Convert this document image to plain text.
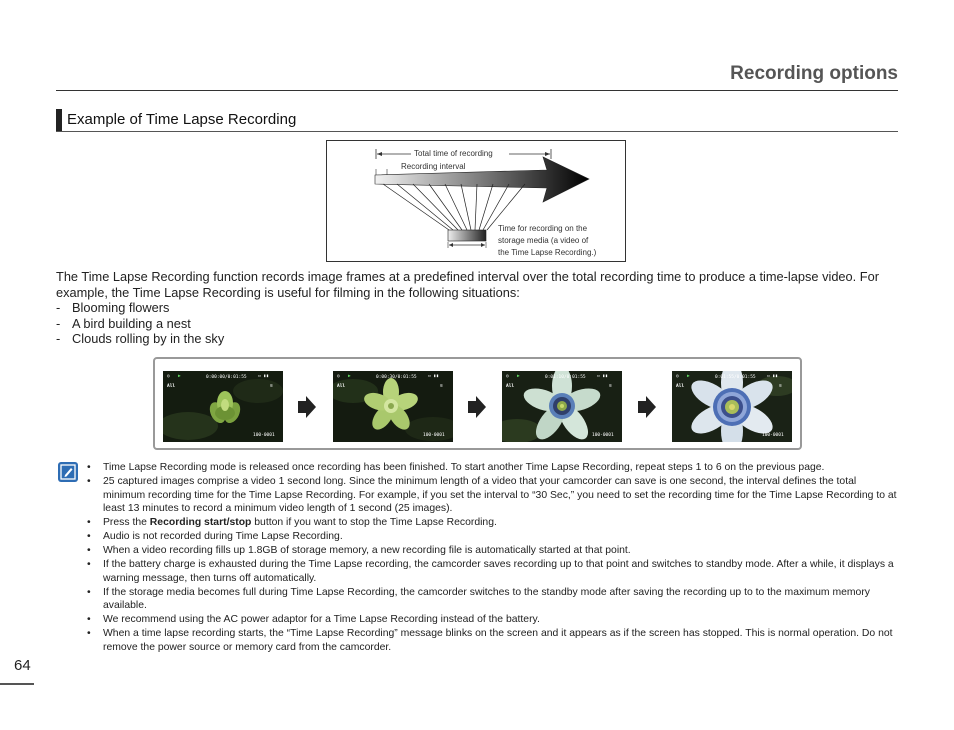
Recording options
Example of Time Lapse Recording
Total time of recording
Recording interval
Time for recording on the
storage media (a video of
the Time Lapse Recording.)
The Time Lapse Recording function records image frames at a predefined interval over the total recording time to produce a time-lapse video. For example, the Time Lapse Recording is useful for filming in the following situations:
- Blooming flowers
- A bird building a nest
- Clouds rolling by in the sky
◎ ▶	0:00:00/0:01:55	▭ ▮▮
All	≋
100-0001
◎ ▶	0:00:30/0:01:55	▭ ▮▮
All	≋
100-0001
◎ ▶	0:01:10/0:01:55	▭ ▮▮
All	≋
100-0001
◎ ▶	0:01:55/0:01:55	▭ ▮▮
All	≋
100-0001
• Time Lapse Recording mode is released once recording has been finished. To start another Time Lapse Recording, repeat steps 1 to 6 on the previous page.
• 25 captured images comprise a video 1 second long. Since the minimum length of a video that your camcorder can save is one second, the interval defines the total minimum recording time for the Time Lapse Recording. For example, if you set the interval to “30 Sec,” you need to set the recording time for the Time Lapse Recording to at least 13 minutes to record a minimum video length of 1 second (25 images).
• Press the Recording start/stop button if you want to stop the Time Lapse Recording.
• Audio is not recorded during Time Lapse Recording.
• When a video recording fills up 1.8GB of storage memory, a new recording file is automatically started at that point.
• If the battery charge is exhausted during the Time Lapse recording, the camcorder saves recording up to that point and switches to standby mode. After a while, it displays a warning message, then turns off automatically.
• If the storage media becomes full during Time Lapse Recording, the camcorder switches to the standby mode after saving the recording up to to the maximum memory available.
• We recommend using the AC power adaptor for a Time Lapse Recording instead of the battery.
• When a time lapse recording starts, the “Time Lapse Recording” message blinks on the screen and it appears as if the screen has stopped. This is normal operation. Do not remove the power source or memory card from the camcorder.
64
